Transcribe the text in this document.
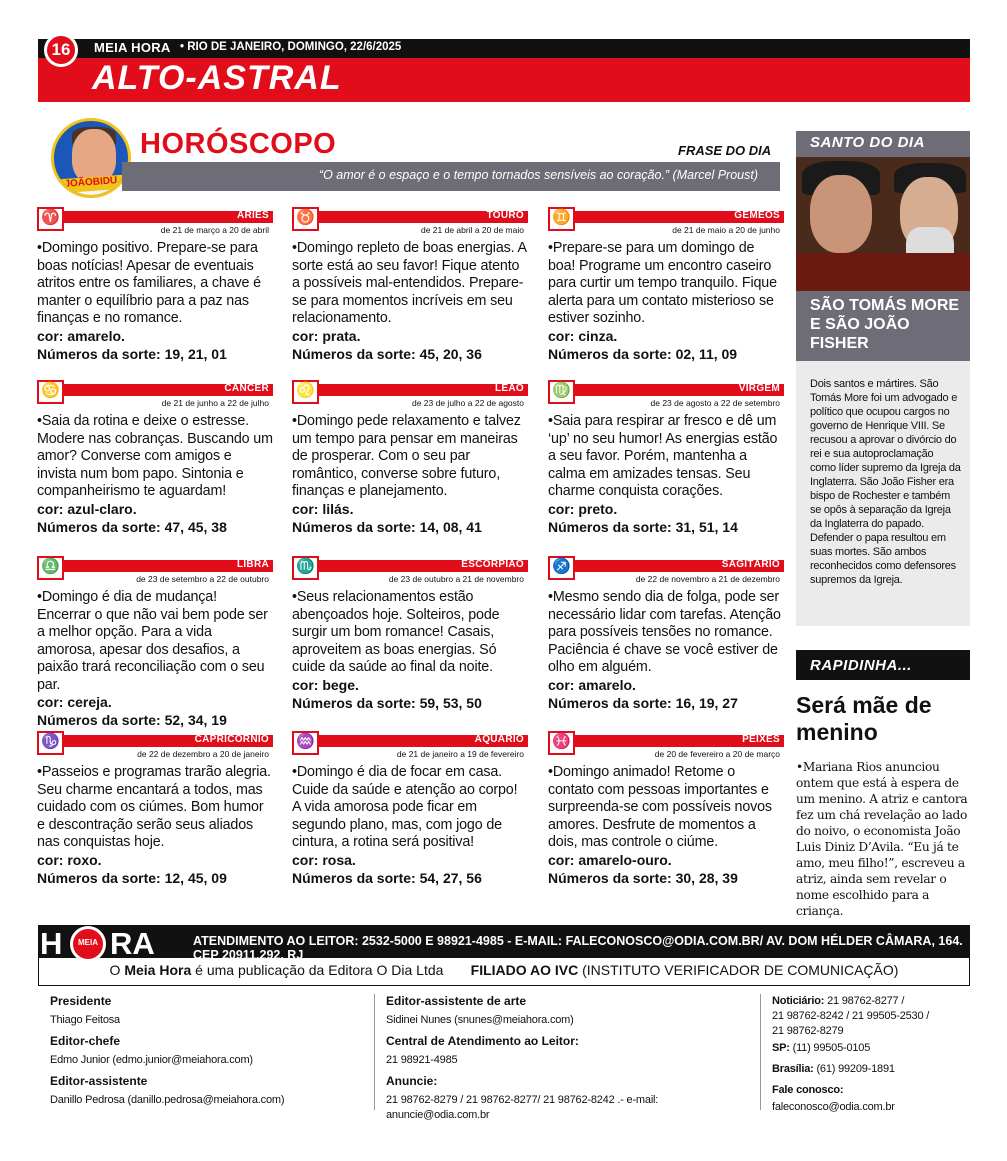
MEIA HORA • RIO DE JANEIRO, DOMINGO, 22/6/2025
16
ALTO-ASTRAL
JOÃOBIDU
HORÓSCOPO	FRASE DO DIA
“O amor é o espaço e o tempo tornados sensíveis ao coração.” (Marcel Proust)
♈	ÁRIES
de 21 de março a 20 de abril
•Domingo positivo. Prepare-se para boas notícias! Apesar de eventuais atritos entre os familiares, a chave é manter o equilíbrio para a paz nas finanças e no romance.
cor: amarelo.
Números da sorte: 19, 21, 01
♉	TOURO
de 21 de abril a 20 de maio
•Domingo repleto de boas energias. A sorte está ao seu favor! Fique atento a possíveis mal-entendidos. Prepare-se para momentos incríveis em seu relacionamento.
cor: prata.
Números da sorte: 45, 20, 36
♊	GÊMEOS
de 21 de maio a 20 de junho
•Prepare-se para um domingo de boa! Programe um encontro caseiro para curtir um tempo tranquilo. Fique alerta para um contato misterioso se estiver sozinho.
cor: cinza.
Números da sorte: 02, 11, 09
♋	CÂNCER
de 21 de junho a 22 de julho
•Saia da rotina e deixe o estresse. Modere nas cobranças. Buscando um amor? Converse com amigos e invista num bom papo. Sintonia e companheirismo te aguardam!
cor: azul-claro.
Números da sorte: 47, 45, 38
♌	LEÃO
de 23 de julho a 22 de agosto
•Domingo pede relaxamento e talvez um tempo para pensar em maneiras de prosperar. Com o seu par romântico, converse sobre futuro, finanças e planejamento.
cor: lilás.
Números da sorte: 14, 08, 41
♍	VIRGEM
de 23 de agosto a 22 de setembro
•Saia para respirar ar fresco e dê um ‘up’ no seu humor! As energias estão a seu favor. Porém, mantenha a calma em amizades tensas. Seu charme conquista corações.
cor: preto.
Números da sorte: 31, 51, 14
♎	LIBRA
de 23 de setembro a 22 de outubro
•Domingo é dia de mudança! Encerrar o que não vai bem pode ser a melhor opção. Para a vida amorosa, apesar dos desafios, a paixão trará reconciliação com o seu par.
cor: cereja.
Números da sorte: 52, 34, 19
♏	ESCORPIÃO
de 23 de outubro a 21 de novembro
•Seus relacionamentos estão abençoados hoje. Solteiros, pode surgir um bom romance! Casais, aproveitem as boas energias. Só cuide da saúde ao final da noite.
cor: bege.
Números da sorte: 59, 53, 50
♐	SAGITÁRIO
de 22 de novembro a 21 de dezembro
•Mesmo sendo dia de folga, pode ser necessário lidar com tarefas. Atenção para possíveis tensões no romance. Paciência é chave se você estiver de olho em alguém.
cor: amarelo.
Números da sorte: 16, 19, 27
♑	CAPRICÓRNIO
de 22 de dezembro a 20 de janeiro
•Passeios e programas trarão alegria. Seu charme encantará a todos, mas cuidado com os ciúmes. Bom humor e descontração serão seus aliados nas conquistas hoje.
cor: roxo.
Números da sorte: 12, 45, 09
♒	AQUÁRIO
de 21 de janeiro a 19 de fevereiro
•Domingo é dia de focar em casa. Cuide da saúde e atenção ao corpo! A vida amorosa pode ficar em segundo plano, mas, com jogo de cintura, a rotina será positiva!
cor: rosa.
Números da sorte: 54, 27, 56
♓	PEIXES
de 20 de fevereiro a 20 de março
•Domingo animado! Retome o contato com pessoas importantes e surpreenda-se com possíveis novos amores. Desfrute de momentos a dois, mas controle o ciúme.
cor: amarelo-ouro.
Números da sorte: 30, 28, 39
SANTO DO DIA
SÃO TOMÁS MORE E SÃO JOÃO FISHER
Dois santos e mártires. São Tomás More foi um advogado e político que ocupou cargos no governo de Henrique VIII. Se recusou a aprovar o divórcio do rei e sua autoproclamação como líder supremo da Igreja da Inglaterra. São João Fisher era bispo de Rochester e também se opôs à separação da Igreja da Inglaterra do papado. Defender o papa resultou em suas mortes. São ambos reconhecidos como defensores supremos da Igreja.
RAPIDINHA...
Será mãe de menino
•Mariana Rios anunciou ontem que está à espera de um menino. A atriz e cantora fez um chá revelação ao lado do noivo, o economista João Luis Diniz D’Avila. “Eu já te amo, meu filho!”, escreveu a atriz, ainda sem revelar o nome escolhido para a criança.
ATENDIMENTO AO LEITOR: 2532-5000 E 98921-4985 - E-MAIL: FALECONOSCO@ODIA.COM.BR/ AV. DOM HÉLDER CÂMARA, 164. CEP 20911.292, RJ
H MEIA RA
O Meia Hora é uma publicação da Editora O Dia Ltda FILIADO AO IVC (INSTITUTO VERIFICADOR DE COMUNICAÇÃO)
Presidente
Thiago Feitosa
Editor-chefe
Edmo Junior (edmo.junior@meiahora.com)
Editor-assistente
Danillo Pedrosa (danillo.pedrosa@meiahora.com)
Editor-assistente de arte
Sidinei Nunes (snunes@meiahora.com)
Central de Atendimento ao Leitor:
21 98921-4985
Anuncie:
21 98762-8279 / 21 98762-8277/ 21 98762-8242 .- e-mail: anuncie@odia.com.br
Noticiário: 21 98762-8277 /
21 98762-8242 / 21 99505-2530 /
21 98762-8279
SP: (11) 99505-0105
Brasília: (61) 99209-1891
Fale conosco:
faleconosco@odia.com.br
